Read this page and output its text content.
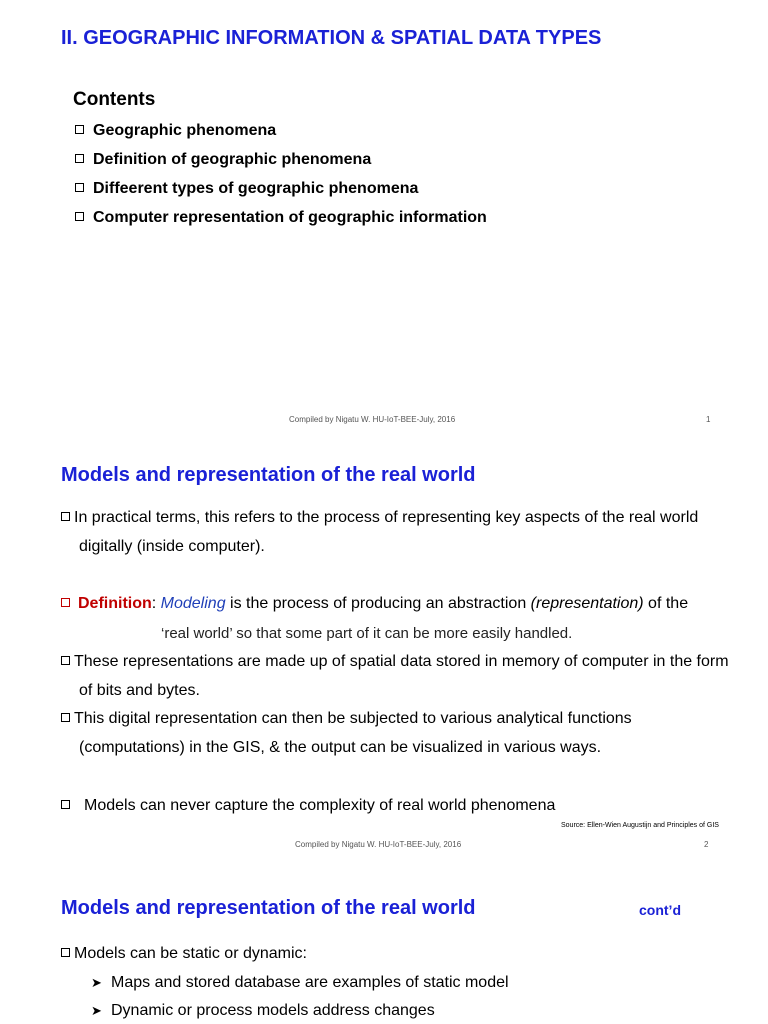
II. GEOGRAPHIC INFORMATION & SPATIAL DATA TYPES
Contents
Geographic phenomena
Definition of geographic phenomena
Diffeerent types of geographic phenomena
Computer representation of geographic information
Compiled by Nigatu W. HU-IoT-BEE-July, 2016	1
Models and representation of the real world
In practical terms, this refers to the process of representing key aspects of the real world
digitally (inside computer).
Definition: Modeling is the process of producing an abstraction (representation) of the
‘real world’ so that some part of it can be more easily handled.
These representations are made up of spatial data stored in memory of computer in the form
of bits and bytes.
This digital representation can then be subjected to various analytical functions
(computations) in the GIS, & the output can be visualized in various ways.
Models can never capture the complexity of real world phenomena
Source: Ellen-Wien Augustijn and Principles of GIS
Compiled by Nigatu W. HU-IoT-BEE-July, 2016	2
Models and representation of the real world	cont’d
Models can be static or dynamic:
➤ Maps and stored database are examples of static model
➤ Dynamic or process models address changes
